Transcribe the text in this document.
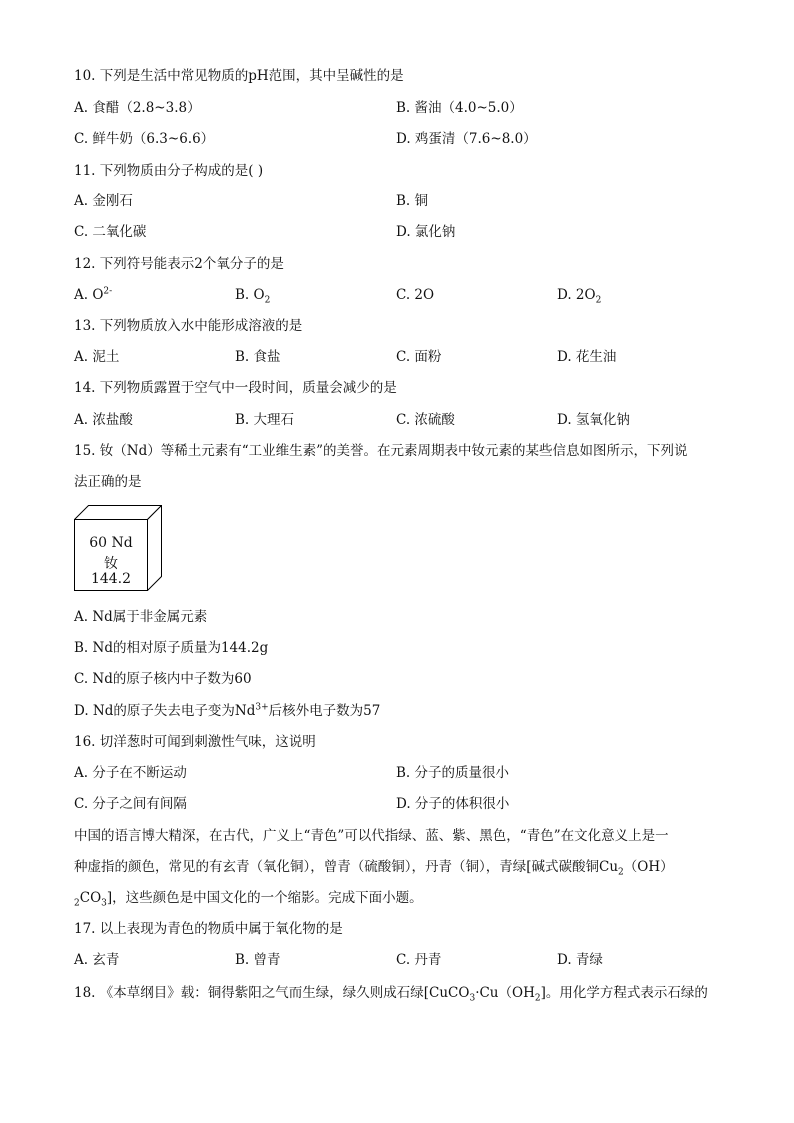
10. 下列是生活中常见物质的pH范围，其中呈碱性的是
A. 食醋（2.8~3.8）	B. 酱油（4.0~5.0）
C. 鲜牛奶（6.3~6.6）	D. 鸡蛋清（7.6~8.0）
11. 下列物质由分子构成的是( )
A. 金刚石	B. 铜
C. 二氧化碳	D. 氯化钠
12. 下列符号能表示2个氧分子的是
A. $O^{2-}$	B. $O_2$	C. 2O	D. $2O_2$
13. 下列物质放入水中能形成溶液的是
A. 泥土	B. 食盐	C. 面粉	D. 花生油
14. 下列物质露置于空气中一段时间，质量会减少的是
A. 浓盐酸	B. 大理石	C. 浓硫酸	D. 氢氧化钠
15. 钕（Nd）等稀土元素有“工业维生素”的美誉。在元素周期表中钕元素的某些信息如图所示，下列说
法正确的是
60 Nd
钕
144.2
A. Nd属于非金属元素
B. Nd的相对原子质量为144.2g
C. Nd的原子核内中子数为60
D. Nd的原子失去电子变为$Nd^{3+}$后核外电子数为57
16. 切洋葱时可闻到刺激性气味，这说明
A. 分子在不断运动	B. 分子的质量很小
C. 分子之间有间隔	D. 分子的体积很小
中国的语言博大精深，在古代，广义上“青色”可以代指绿、蓝、紫、黑色，“青色”在文化意义上是一
种虚指的颜色，常见的有玄青（氧化铜），曾青（硫酸铜），丹青（铜），青绿[碱式碳酸铜$Cu_2(OH)$
$_2CO_3$]，这些颜色是中国文化的一个缩影。完成下面小题。
17. 以上表现为青色的物质中属于氧化物的是
A. 玄青	B. 曾青	C. 丹青	D. 青绿
18. 《本草纲目》载：铜得紫阳之气而生绿，绿久则成石绿[$CuCO_3\cdot Cu(OH_2]$。用化学方程式表示石绿的
